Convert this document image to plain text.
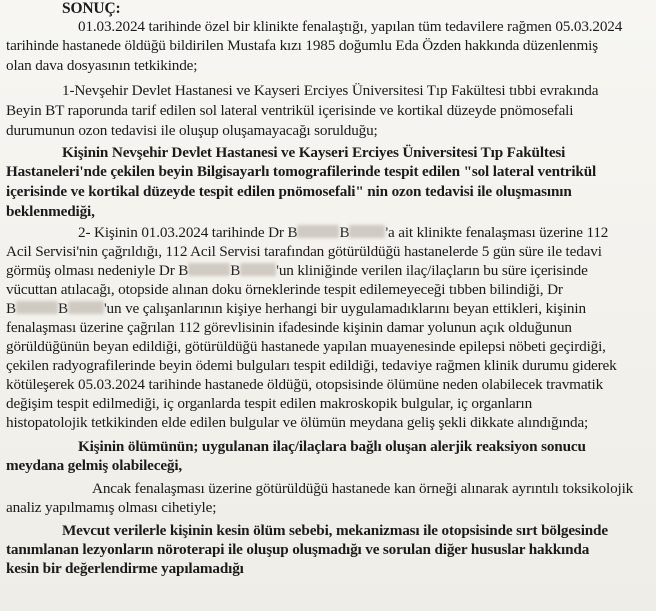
SONUÇ:
01.03.2024 tarihinde özel bir klinikte fenalaştığı, yapılan tüm tedavilere rağmen 05.03.2024
tarihinde hastanede öldüğü bildirilen Mustafa kızı 1985 doğumlu Eda Özden hakkında düzenlenmiş
olan dava dosyasının tetkikinde;
1-Nevşehir Devlet Hastanesi ve Kayseri Erciyes Üniversitesi Tıp Fakültesi tıbbi evrakında
Beyin BT raporunda tarif edilen sol lateral ventrikül içerisinde ve kortikal düzeyde pnömosefali
durumunun ozon tedavisi ile oluşup oluşamayacağı sorulduğu;
Kişinin Nevşehir Devlet Hastanesi ve Kayseri Erciyes Üniversitesi Tıp Fakültesi
Hastaneleri'nde çekilen beyin Bilgisayarlı tomografilerinde tespit edilen "sol lateral ventrikül
içerisinde ve kortikal düzeyde tespit edilen pnömosefali" nin ozon tedavisi ile oluşmasının
beklenmediği,
2- Kişinin 01.03.2024 tarihinde Dr B	B 'a ait klinikte fenalaşması üzerine 112
Acil Servisi'nin çağrıldığı, 112 Acil Servisi tarafından götürüldüğü hastanelerde 5 gün süre ile tedavi
görmüş olması nedeniyle Dr B	B 'un kliniğinde verilen ilaç/ilaçların bu süre içerisinde
vücuttan atılacağı, otopside alınan doku örneklerinde tespit edilemeyeceği tıbben bilindiği, Dr
B	B 'un ve çalışanlarının kişiye herhangi bir uygulamadıklarını beyan ettikleri, kişinin
fenalaşması üzerine çağrılan 112 görevlisinin ifadesinde kişinin damar yolunun açık olduğunun
görüldüğünün beyan edildiği, götürüldüğü hastanede yapılan muayenesinde epilepsi nöbeti geçirdiği,
çekilen radyografilerinde beyin ödemi bulguları tespit edildiği, tedaviye rağmen klinik durumu giderek
kötüleşerek 05.03.2024 tarihinde hastanede öldüğü, otopsisinde ölümüne neden olabilecek travmatik
değişim tespit edilmediği, iç organlarda tespit edilen makroskopik bulgular, iç organların
histopatolojik tetkikinden elde edilen bulgular ve ölümün meydana geliş şekli dikkate alındığında;
Kişinin ölümünün; uygulanan ilaç/ilaçlara bağlı oluşan alerjik reaksiyon sonucu
meydana gelmiş olabileceği,
Ancak fenalaşması üzerine götürüldüğü hastanede kan örneği alınarak ayrıntılı toksikolojik
analiz yapılmamış olması cihetiyle;
Mevcut verilerle kişinin kesin ölüm sebebi, mekanizması ile otopsisinde sırt bölgesinde
tanımlanan lezyonların nöroterapi ile oluşup oluşmadığı ve sorulan diğer hususlar hakkında
kesin bir değerlendirme yapılamadığı
